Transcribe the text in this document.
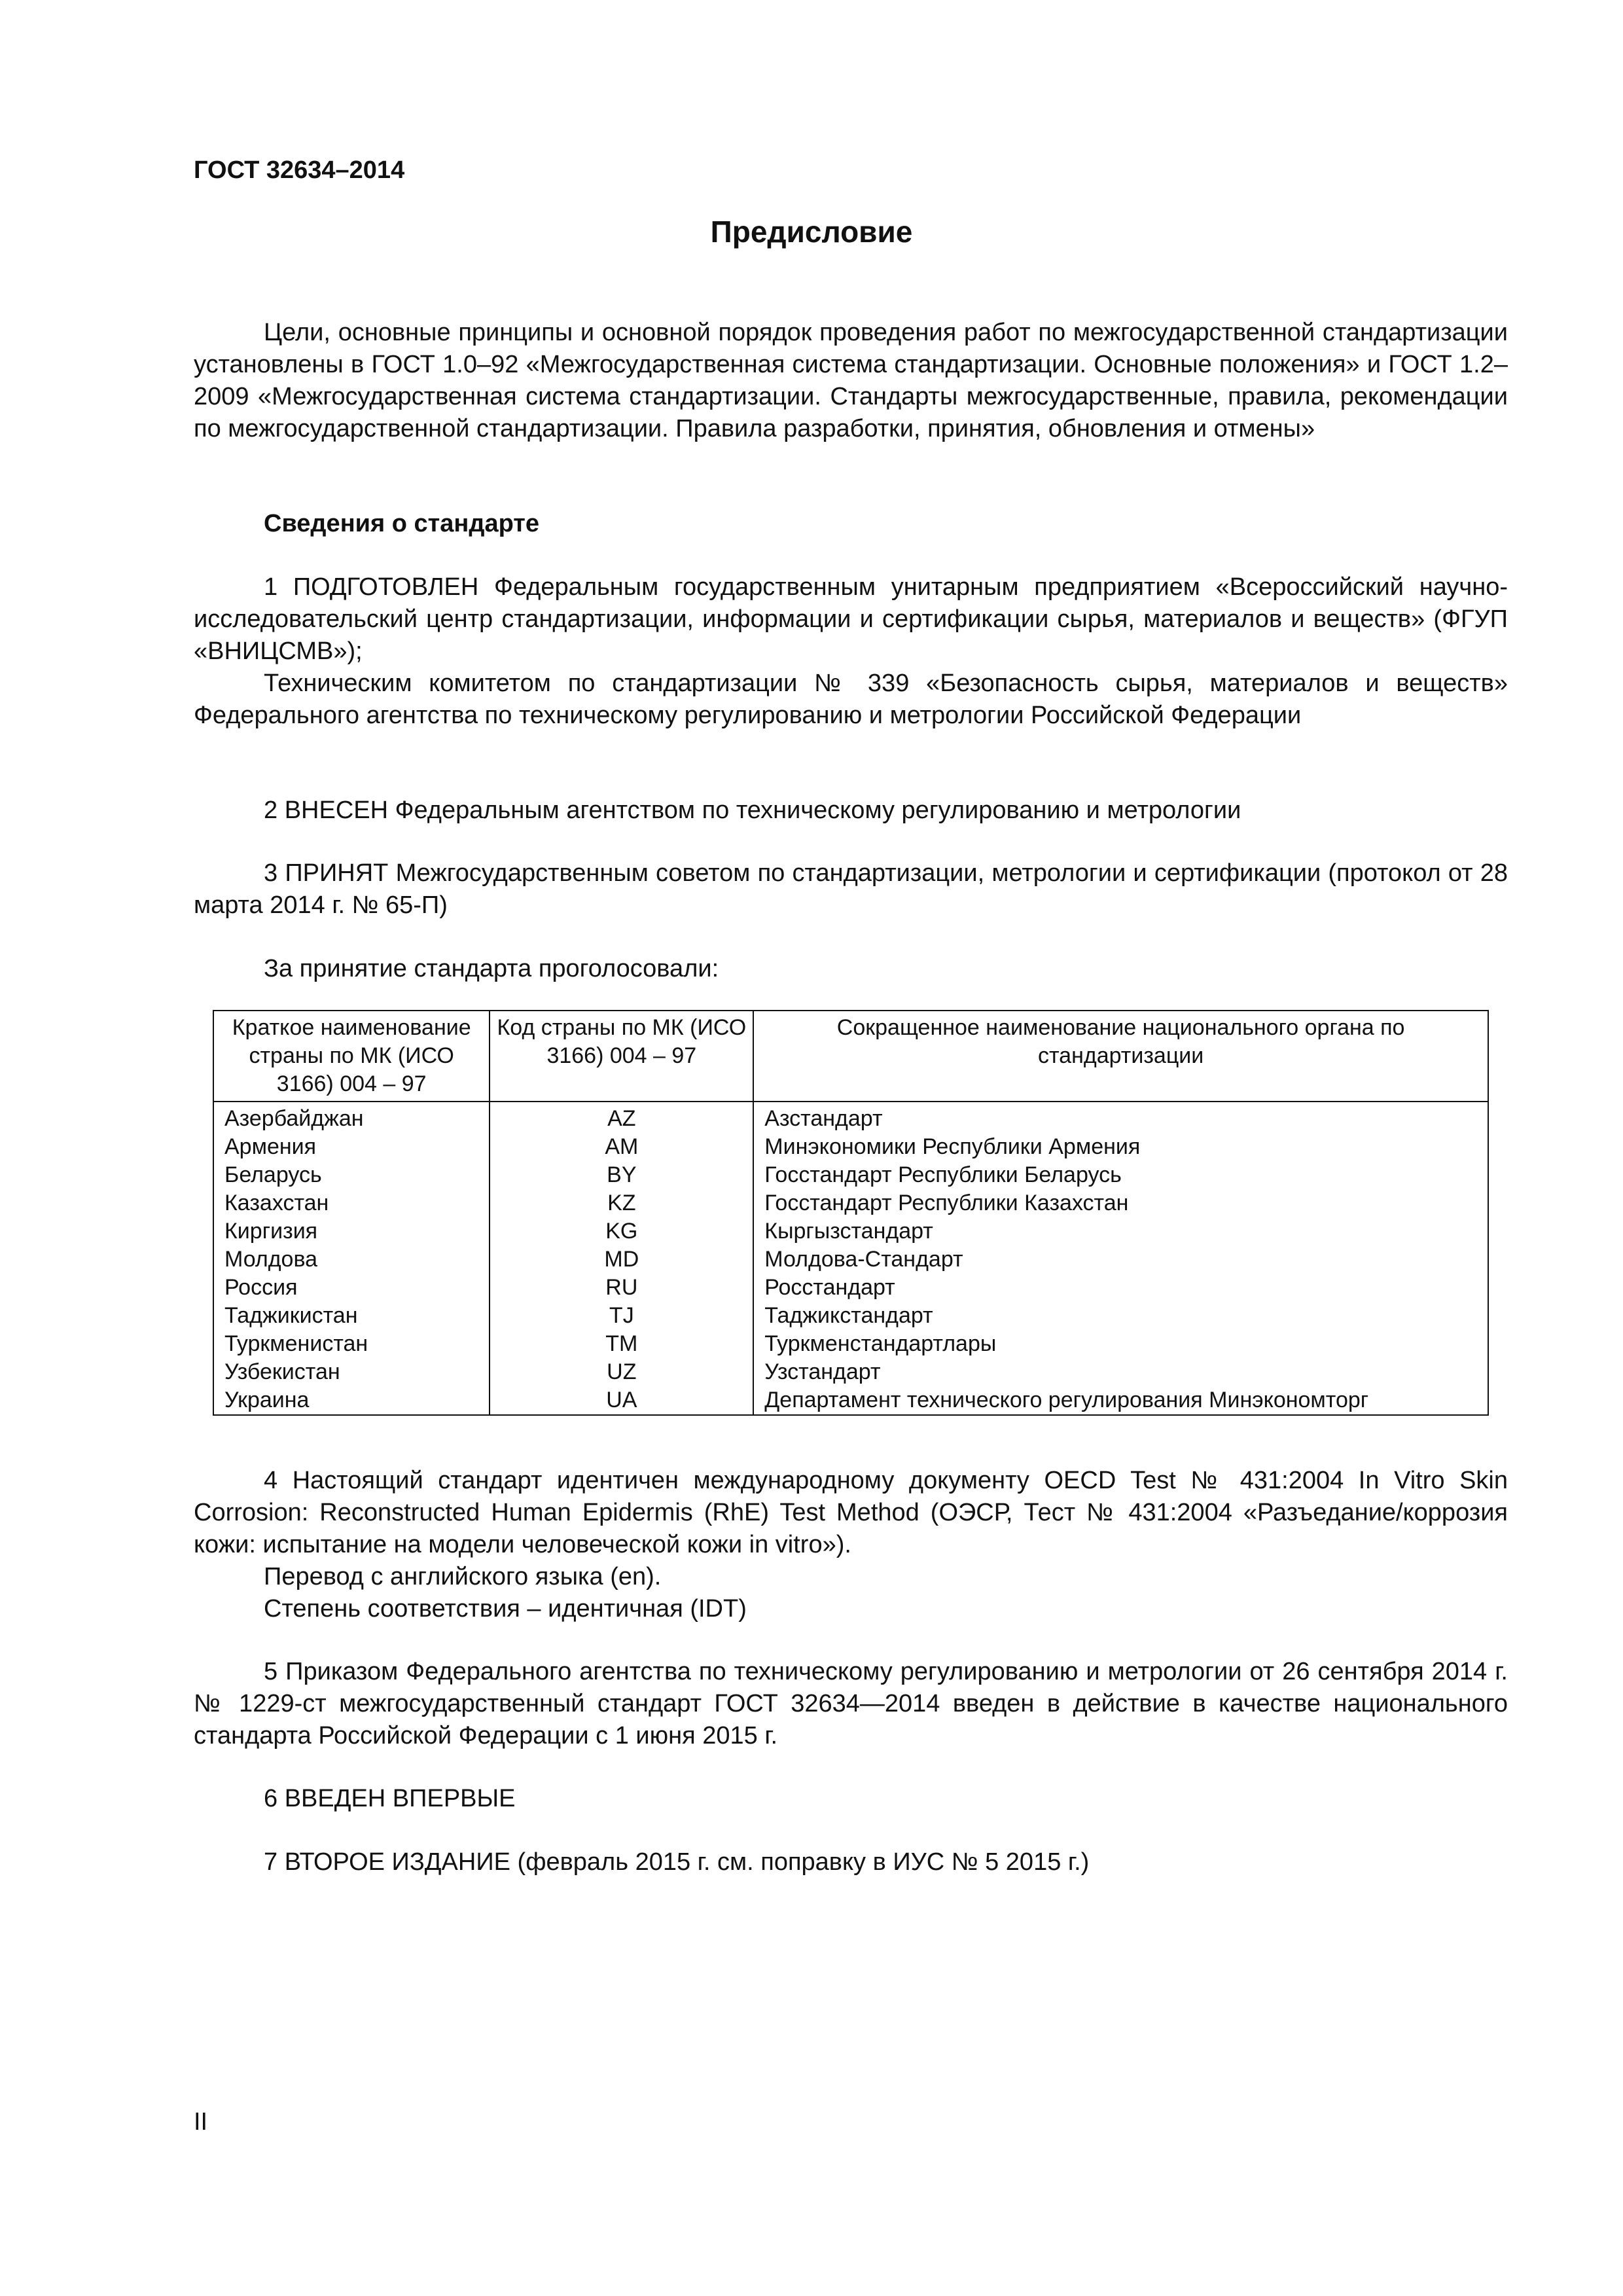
ГОСТ 32634–2014
Предисловие

Цели, основные принципы и основной порядок проведения работ по межгосударственной стандартизации установлены в ГОСТ 1.0–92 «Межгосударственная система стандартизации. Основные положения» и ГОСТ 1.2–2009 «Межгосударственная система стандартизации. Стандарты межгосударственные, правила, рекомендации по межгосударственной стандартизации. Правила разработки, принятия, обновления и отмены»

Сведения о стандарте

1 ПОДГОТОВЛЕН Федеральным государственным унитарным предприятием «Всероссийский научно-исследовательский центр стандартизации, информации и сертификации сырья, материалов и веществ» (ФГУП «ВНИЦСМВ»);

Техническим комитетом по стандартизации № 339 «Безопасность сырья, материалов и веществ» Федерального агентства по техническому регулированию и метрологии Российской Федерации

2 ВНЕСЕН Федеральным агентством по техническому регулированию и метрологии

3 ПРИНЯТ Межгосударственным советом по стандартизации, метрологии и сертификации (протокол от 28 марта 2014 г. № 65-П)

За принятие стандарта проголосовали:

Краткое наименование страны по МК (ИСО 3166) 004 – 97	Код страны по МК (ИСО 3166) 004 – 97	Сокращенное наименование национального органа по стандартизации
Азербайджан	AZ	Азстандарт
Армения	AM	Минэкономики Республики Армения
Беларусь	BY	Госстандарт Республики Беларусь
Казахстан	KZ	Госстандарт Республики Казахстан
Киргизия	KG	Кыргызстандарт
Молдова	MD	Молдова-Стандарт
Россия	RU	Росстандарт
Таджикистан	TJ	Таджикстандарт
Туркменистан	TM	Туркменстандартлары
Узбекистан	UZ	Узстандарт
Украина	UA	Департамент технического регулирования Минэкономторг

4 Настоящий стандарт идентичен международному документу OECD Test № 431:2004 In Vitro Skin Corrosion: Reconstructed Human Epidermis (RhE) Test Method (ОЭСР, Тест № 431:2004 «Разъедание/коррозия кожи: испытание на модели человеческой кожи in vitro»).

Перевод с английского языка (en).

Степень соответствия – идентичная (IDT)

5 Приказом Федерального агентства по техническому регулированию и метрологии от 26 сентября 2014 г. № 1229-ст межгосударственный стандарт ГОСТ 32634—2014 введен в действие в качестве национального стандарта Российской Федерации с 1 июня 2015 г.

6 ВВЕДЕН ВПЕРВЫЕ

7 ВТОРОЕ ИЗДАНИЕ (февраль 2015 г. см. поправку в ИУС № 5 2015 г.)

II
